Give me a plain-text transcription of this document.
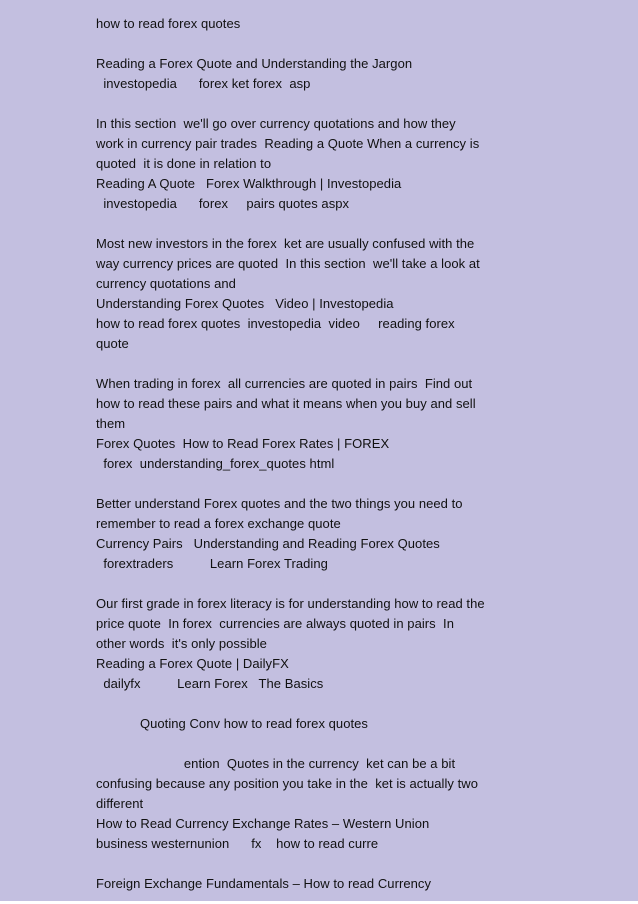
how to read forex quotes
Reading a Forex Quote and Understanding the Jargon
investopedia      forex ket forex  asp
In this section  we'll go over currency quotations and how they
work in currency pair trades  Reading a Quote When a currency is
quoted  it is done in relation to
Reading A Quote   Forex Walkthrough | Investopedia
investopedia      forex     pairs quotes aspx
Most new investors in the forex  ket are usually confused with the
way currency prices are quoted  In this section  we'll take a look at
currency quotations and
Understanding Forex Quotes   Video | Investopedia
how to read forex quotes  investopedia  video     reading forex
quote
When trading in forex  all currencies are quoted in pairs  Find out
how to read these pairs and what it means when you buy and sell
them
Forex Quotes  How to Read Forex Rates | FOREX
forex  understanding_forex_quotes html
Better understand Forex quotes and the two things you need to
remember to read a forex exchange quote
Currency Pairs   Understanding and Reading Forex Quotes
forextraders          Learn Forex Trading
Our first grade in forex literacy is for understanding how to read the
price quote  In forex  currencies are always quoted in pairs  In
other words  it's only possible
Reading a Forex Quote | DailyFX
dailyfx          Learn Forex   The Basics
Quoting Conv how to read forex quotes
ention  Quotes in the currency  ket can be a bit
confusing because any position you take in the  ket is actually two
different
How to Read Currency Exchange Rates – Western Union
business westernunion      fx    how to read curre
Foreign Exchange Fundamentals – How to read Currency
